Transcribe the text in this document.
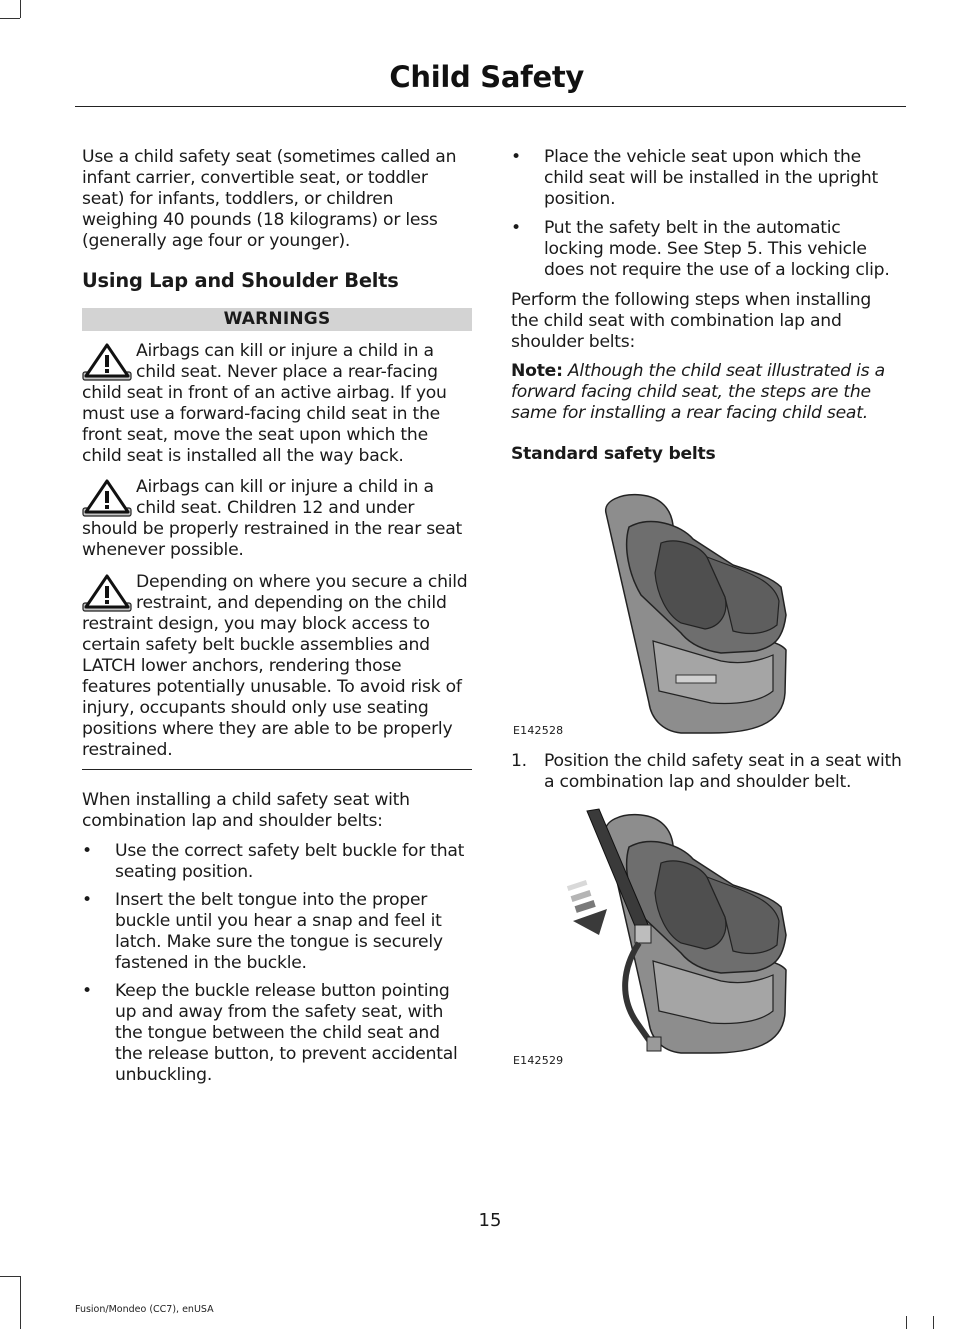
Child Safety

Use a child safety seat (sometimes called an infant carrier, convertible seat, or toddler seat) for infants, toddlers, or children weighing 40 pounds (18 kilograms) or less (generally age four or younger).

Using Lap and Shoulder Belts
WARNINGS

Airbags can kill or injure a child in a child seat. Never place a rear-facing child seat in front of an active airbag. If you must use a forward-facing child seat in the front seat, move the seat upon which the child seat is installed all the way back.

Airbags can kill or injure a child in a child seat. Children 12 and under should be properly restrained in the rear seat whenever possible.

Depending on where you secure a child restraint, and depending on the child restraint design, you may block access to certain safety belt buckle assemblies and LATCH lower anchors, rendering those features potentially unusable. To avoid risk of injury, occupants should only use seating positions where they are able to be properly restrained.

When installing a child safety seat with combination lap and shoulder belts:

• Use the correct safety belt buckle for that seating position.
• Insert the belt tongue into the proper buckle until you hear a snap and feel it latch. Make sure the tongue is securely fastened in the buckle.
• Keep the buckle release button pointing up and away from the safety seat, with the tongue between the child seat and the release button, to prevent accidental unbuckling.
• Place the vehicle seat upon which the child seat will be installed in the upright position.
• Put the safety belt in the automatic locking mode. See Step 5. This vehicle does not require the use of a locking clip.

Perform the following steps when installing the child seat with combination lap and shoulder belts:

Note: Although the child seat illustrated is a forward facing child seat, the steps are the same for installing a rear facing child seat.

Standard safety belts
E142528
1. Position the child safety seat in a seat with a combination lap and shoulder belt.
E142529
15
Fusion/Mondeo (CC7), enUSA
